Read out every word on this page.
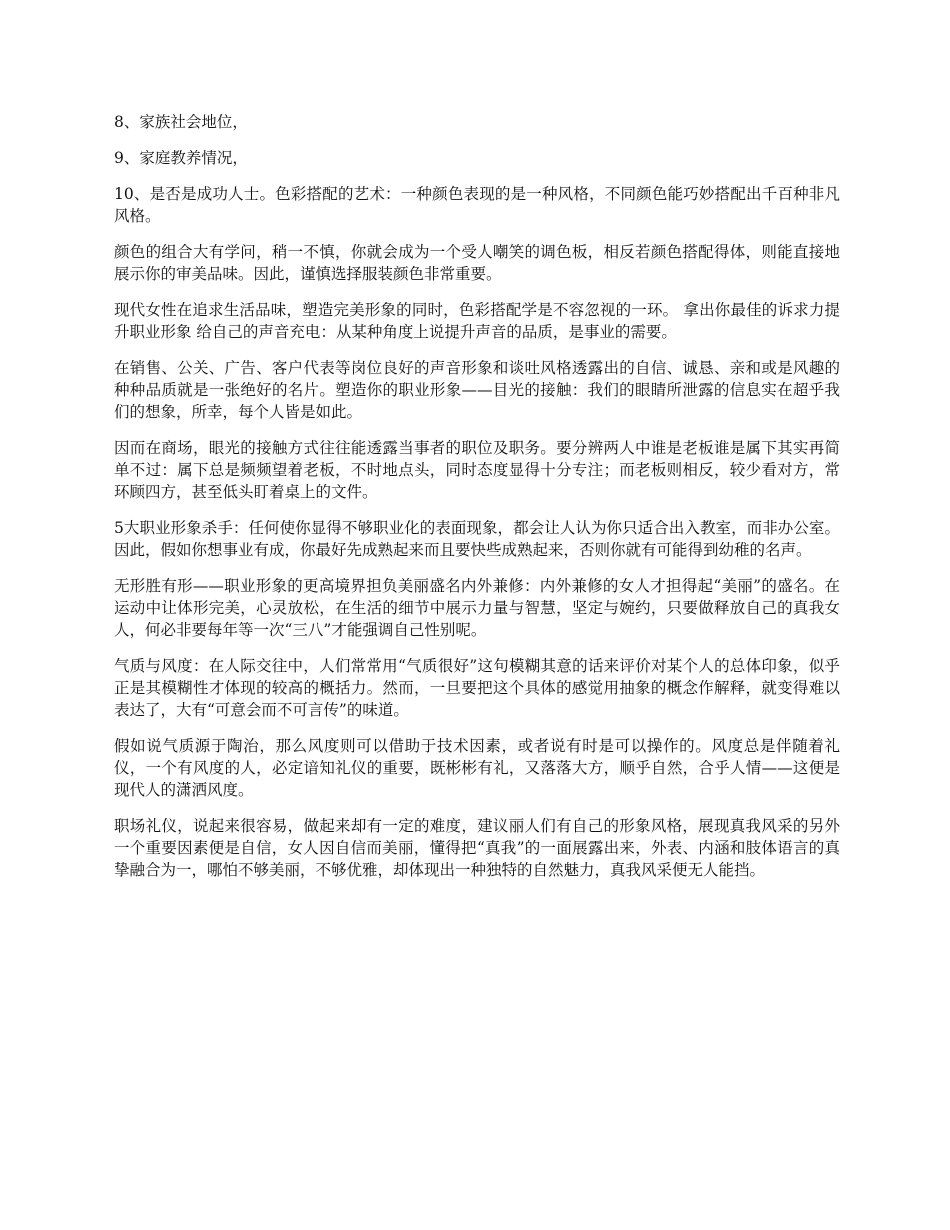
8、家族社会地位，

9、家庭教养情况，

10、是否是成功人士。色彩搭配的艺术：一种颜色表现的是一种风格，不同颜色能巧妙搭配出千百种非凡风格。

颜色的组合大有学问，稍一不慎，你就会成为一个受人嘲笑的调色板，相反若颜色搭配得体，则能直接地展示你的审美品味。因此，谨慎选择服装颜色非常重要。

现代女性在追求生活品味，塑造完美形象的同时，色彩搭配学是不容忽视的一环。 拿出你最佳的诉求力提升职业形象 给自己的声音充电：从某种角度上说提升声音的品质，是事业的需要。

在销售、公关、广告、客户代表等岗位良好的声音形象和谈吐风格透露出的自信、诚恳、亲和或是风趣的种种品质就是一张绝好的名片。塑造你的职业形象——目光的接触：我们的眼睛所泄露的信息实在超乎我们的想象，所幸，每个人皆是如此。

因而在商场，眼光的接触方式往往能透露当事者的职位及职务。要分辨两人中谁是老板谁是属下其实再简单不过：属下总是频频望着老板，不时地点头，同时态度显得十分专注；而老板则相反，较少看对方，常环顾四方，甚至低头盯着桌上的文件。

5大职业形象杀手：任何使你显得不够职业化的表面现象，都会让人认为你只适合出入教室，而非办公室。因此，假如你想事业有成，你最好先成熟起来而且要快些成熟起来，否则你就有可能得到幼稚的名声。

无形胜有形——职业形象的更高境界担负美丽盛名内外兼修：内外兼修的女人才担得起“美丽”的盛名。在运动中让体形完美，心灵放松，在生活的细节中展示力量与智慧，坚定与婉约，只要做释放自己的真我女人，何必非要每年等一次“三八”才能强调自己性别呢。

气质与风度：在人际交往中，人们常常用“气质很好”这句模糊其意的话来评价对某个人的总体印象，似乎正是其模糊性才体现的较高的概括力。然而，一旦要把这个具体的感觉用抽象的概念作解释，就变得难以表达了，大有“可意会而不可言传”的味道。

假如说气质源于陶治，那么风度则可以借助于技术因素，或者说有时是可以操作的。风度总是伴随着礼仪，一个有风度的人，必定谙知礼仪的重要，既彬彬有礼，又落落大方，顺乎自然，合乎人情——这便是现代人的潇洒风度。

职场礼仪，说起来很容易，做起来却有一定的难度，建议丽人们有自己的形象风格，展现真我风采的另外一个重要因素便是自信，女人因自信而美丽，懂得把“真我”的一面展露出来，外表、内涵和肢体语言的真挚融合为一，哪怕不够美丽，不够优雅，却体现出一种独特的自然魅力，真我风采便无人能挡。
